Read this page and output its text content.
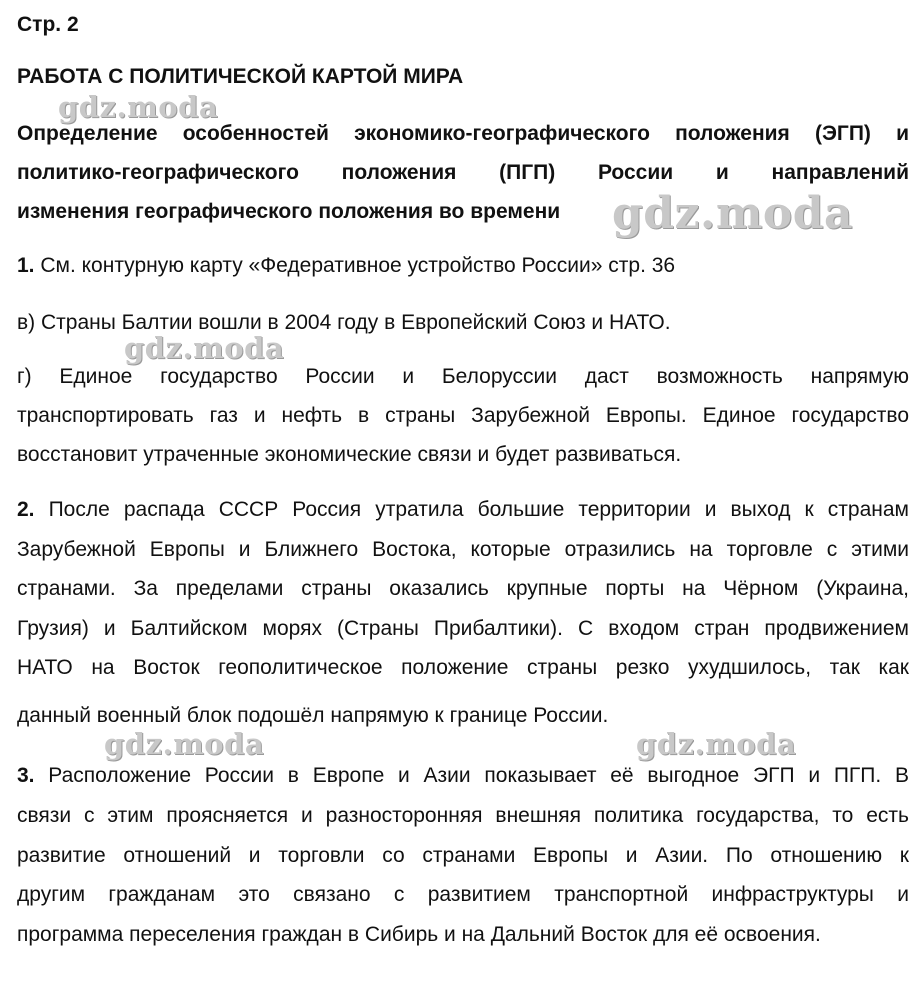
Стр. 2
РАБОТА С ПОЛИТИЧЕСКОЙ КАРТОЙ МИРА
Определение особенностей экономико-географического положения (ЭГП) и
политико-географического положения (ПГП) России и направлений
изменения географического положения во времени
1. См. контурную карту «Федеративное устройство России» стр. 36
в) Страны Балтии вошли в 2004 году в Европейский Союз и НАТО.
г) Единое государство России и Белоруссии даст возможность напрямую
транспортировать газ и нефть в страны Зарубежной Европы. Единое государство
восстановит утраченные экономические связи и будет развиваться.
2. После распада СССР Россия утратила большие территории и выход к странам
Зарубежной Европы и Ближнего Востока, которые отразились на торговле с этими
странами. За пределами страны оказались крупные порты на Чёрном (Украина,
Грузия) и Балтийском морях (Страны Прибалтики). С входом стран продвижением
НАТО на Восток геополитическое положение страны резко ухудшилось, так как
данный военный блок подошёл напрямую к границе России.
3. Расположение России в Европе и Азии показывает её выгодное ЭГП и ПГП. В
связи с этим проясняется и разносторонняя внешняя политика государства, то есть
развитие отношений и торговли со странами Европы и Азии. По отношению к
другим гражданам это связано с развитием транспортной инфраструктуры и
программа переселения граждан в Сибирь и на Дальний Восток для её освоения.
gdz.moda
gdz.moda
gdz.moda
gdz.moda	gdz.moda
